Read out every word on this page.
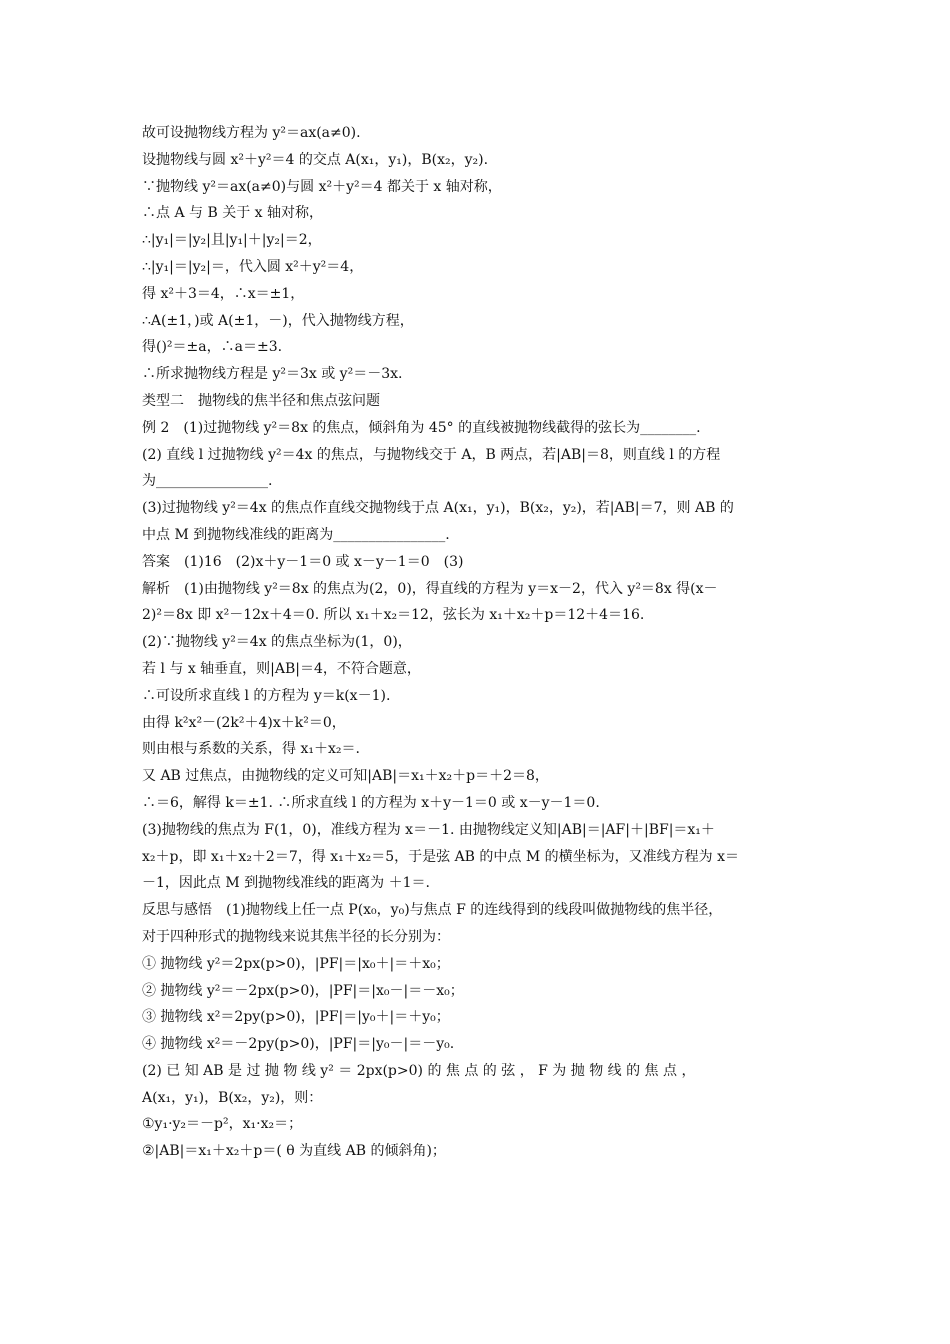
故可设抛物线方程为 y²＝ax(a≠0).
设抛物线与圆 x²＋y²＝4 的交点 A(x₁，y₁)，B(x₂，y₂).
∵抛物线 y²＝ax(a≠0)与圆 x²＋y²＝4 都关于 x 轴对称，
∴点 A 与 B 关于 x 轴对称，
∴|y₁|＝|y₂|且|y₁|＋|y₂|＝2，
∴|y₁|＝|y₂|＝，代入圆 x²＋y²＝4，
得 x²＋3＝4，∴x＝±1，
∴A(±1，)或 A(±1，－)，代入抛物线方程，
得()²＝±a，∴a＝±3.
∴所求抛物线方程是 y²＝3x 或 y²＝－3x.
类型二　抛物线的焦半径和焦点弦问题
例 2　(1)过抛物线 y²＝8x 的焦点，倾斜角为 45° 的直线被抛物线截得的弦长为________.
(2) 直线 l 过抛物线 y²＝4x 的焦点，与抛物线交于 A，B 两点，若|AB|＝8，则直线 l 的方程
为________________.
(3)过抛物线 y²＝4x 的焦点作直线交抛物线于点 A(x₁，y₁)，B(x₂，y₂)，若|AB|＝7，则 AB 的
中点 M 到抛物线准线的距离为________________.
答案　(1)16　(2)x＋y－1＝0 或 x－y－1＝0　(3)
解析　(1)由抛物线 y²＝8x 的焦点为(2，0)，得直线的方程为 y＝x－2，代入 y²＝8x 得(x－
2)²＝8x 即 x²－12x＋4＝0. 所以 x₁＋x₂＝12，弦长为 x₁＋x₂＋p＝12＋4＝16.
(2)∵抛物线 y²＝4x 的焦点坐标为(1，0)，
若 l 与 x 轴垂直，则|AB|＝4，不符合题意，
∴可设所求直线 l 的方程为 y＝k(x－1).
由得 k²x²－(2k²＋4)x＋k²＝0，
则由根与系数的关系，得 x₁＋x₂＝.
又 AB 过焦点，由抛物线的定义可知|AB|＝x₁＋x₂＋p＝＋2＝8，
∴＝6，解得 k＝±1. ∴所求直线 l 的方程为 x＋y－1＝0 或 x－y－1＝0.
(3)抛物线的焦点为 F(1，0)，准线方程为 x＝－1. 由抛物线定义知|AB|＝|AF|＋|BF|＝x₁＋
x₂＋p，即 x₁＋x₂＋2＝7，得 x₁＋x₂＝5，于是弦 AB 的中点 M 的横坐标为，又准线方程为 x＝
－1，因此点 M 到抛物线准线的距离为 ＋1＝.
反思与感悟　(1)抛物线上任一点 P(x₀，y₀)与焦点 F 的连线得到的线段叫做抛物线的焦半径，
对于四种形式的抛物线来说其焦半径的长分别为：
① 抛物线 y²＝2px(p>0)，|PF|＝|x₀＋|＝＋x₀；
② 抛物线 y²＝－2px(p>0)，|PF|＝|x₀－|＝－x₀；
③ 抛物线 x²＝2py(p>0)，|PF|＝|y₀＋|＝＋y₀；
④ 抛物线 x²＝－2py(p>0)，|PF|＝|y₀－|＝－y₀.
(2) 已 知 AB 是 过 抛 物 线 y² ＝ 2px(p>0) 的 焦 点 的 弦 ， F 为 抛 物 线 的 焦 点 ，
A(x₁，y₁)，B(x₂，y₂)，则：
①y₁·y₂＝－p²，x₁·x₂＝；
②|AB|＝x₁＋x₂＋p＝( θ 为直线 AB 的倾斜角)；
